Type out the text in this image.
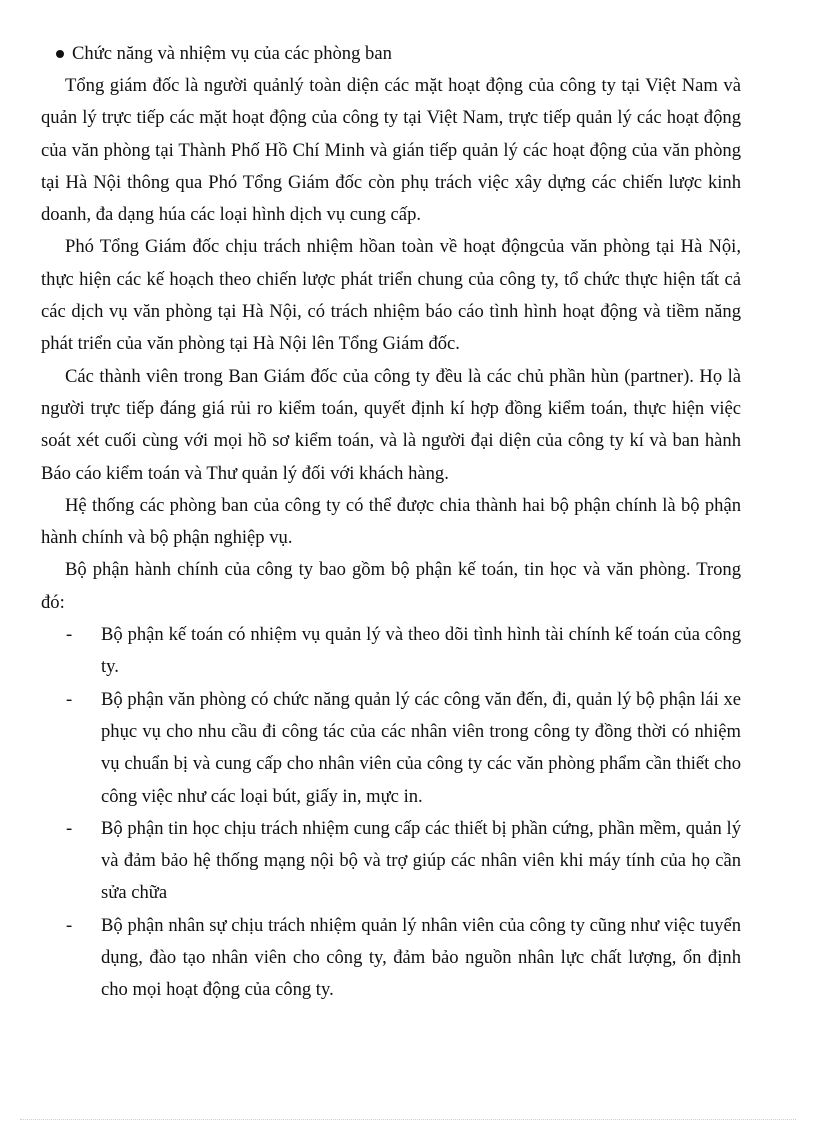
Chức năng và nhiệm vụ của các phòng ban

Tổng giám đốc là người quảnlý toàn diện các mặt hoạt động của công ty tại Việt Nam và quản lý trực tiếp các mặt hoạt động của công ty tại Việt Nam, trực tiếp quản lý các hoạt động của văn phòng tại Thành Phố Hồ Chí Minh và gián tiếp quản lý các hoạt động của văn phòng tại Hà Nội thông qua Phó Tổng Giám đốc còn phụ trách việc xây dựng các chiến lược kinh doanh, đa dạng húa các loại hình dịch vụ cung cấp.

Phó Tổng Giám đốc chịu trách nhiệm hồan toàn về hoạt độngcủa văn phòng tại Hà Nội, thực hiện các kế hoạch theo chiến lược phát triển chung của công ty, tổ chức thực hiện tất cả các dịch vụ văn phòng tại Hà Nội, có trách nhiệm báo cáo tình hình hoạt động và tiềm năng phát triển của văn phòng tại Hà Nội lên Tổng Giám đốc.

Các thành viên trong Ban Giám đốc của công ty đều là các chủ phần hùn (partner). Họ là người trực tiếp đáng giá rủi ro kiểm toán, quyết định kí hợp đồng kiểm toán, thực hiện việc soát xét cuối cùng với mọi hồ sơ kiểm toán, và là người đại diện của công ty kí và ban hành Báo cáo kiểm toán và Thư quản lý đối với khách hàng.

Hệ thống các phòng ban của công ty có thể được chia thành hai bộ phận chính là bộ phận hành chính và bộ phận nghiệp vụ.

Bộ phận hành chính của công ty bao gồm bộ phận kế toán, tin học và văn phòng. Trong đó:

- Bộ phận kế toán có nhiệm vụ quản lý và theo dõi tình hình tài chính kế toán của công ty.
- Bộ phận văn phòng có chức năng quản lý các công văn đến, đi, quản lý bộ phận lái xe phục vụ cho nhu cầu đi công tác của các nhân viên trong công ty đồng thời có nhiệm vụ chuẩn bị và cung cấp cho nhân viên của công ty các văn phòng phẩm cần thiết cho công việc như các loại bút, giấy in, mực in.
- Bộ phận tin học chịu trách nhiệm cung cấp các thiết bị phần cứng, phần mềm, quản lý và đảm bảo hệ thống mạng nội bộ và trợ giúp các nhân viên khi máy tính của họ cần sửa chữa
- Bộ phận nhân sự chịu trách nhiệm quản lý nhân viên của công ty cũng như việc tuyển dụng, đào tạo nhân viên cho công ty, đảm bảo nguồn nhân lực chất lượng, ổn định cho mọi hoạt động của công ty.
